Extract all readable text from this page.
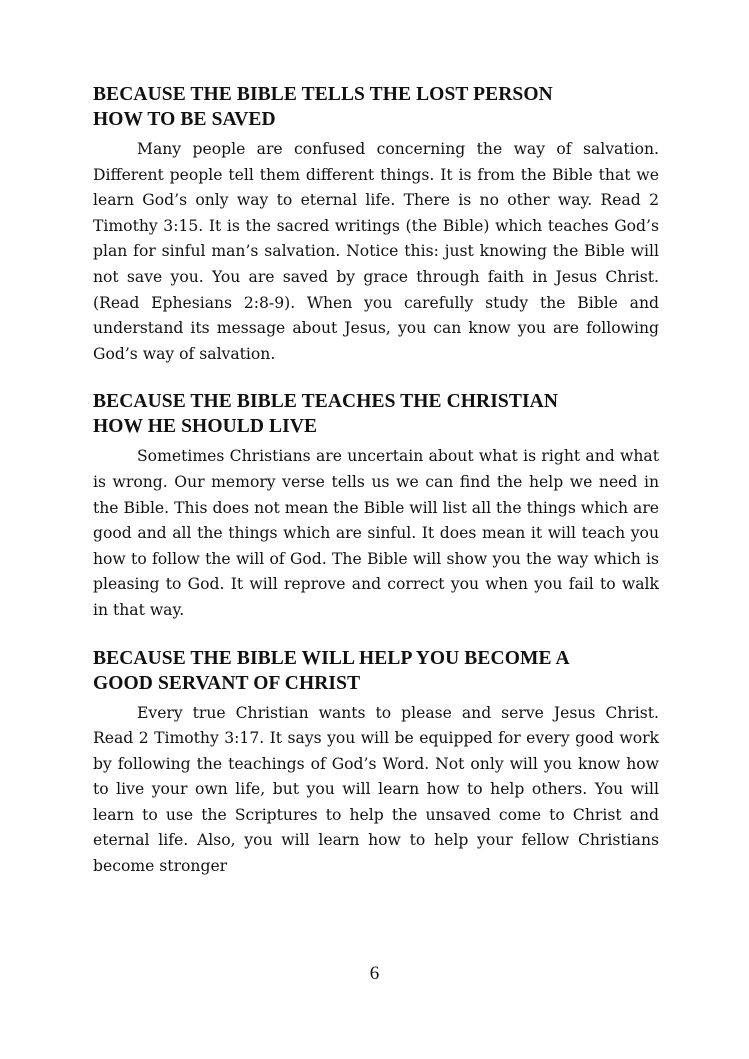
BECAUSE THE BIBLE TELLS THE LOST PERSON
HOW TO BE SAVED

Many people are confused concerning the way of salvation. Different people tell them different things. It is from the Bible that we learn God’s only way to eternal life. There is no other way. Read 2 Timothy 3:15. It is the sacred writings (the Bible) which teaches God’s plan for sinful man’s salvation. Notice this: just knowing the Bible will not save you. You are saved by grace through faith in Jesus Christ. (Read Ephesians 2:8-9). When you carefully study the Bible and understand its message about Jesus, you can know you are following God’s way of salvation.

BECAUSE THE BIBLE TEACHES THE CHRISTIAN
HOW HE SHOULD LIVE

Sometimes Christians are uncertain about what is right and what is wrong. Our memory verse tells us we can find the help we need in the Bible. This does not mean the Bible will list all the things which are good and all the things which are sinful. It does mean it will teach you how to follow the will of God. The Bible will show you the way which is pleasing to God. It will reprove and correct you when you fail to walk in that way.

BECAUSE THE BIBLE WILL HELP YOU BECOME A
GOOD SERVANT OF CHRIST

Every true Christian wants to please and serve Jesus Christ. Read 2 Timothy 3:17. It says you will be equipped for every good work by following the teachings of God’s Word. Not only will you know how to live your own life, but you will learn how to help others. You will learn to use the Scriptures to help the unsaved come to Christ and eternal life. Also, you will learn how to help your fellow Christians become stronger

6
